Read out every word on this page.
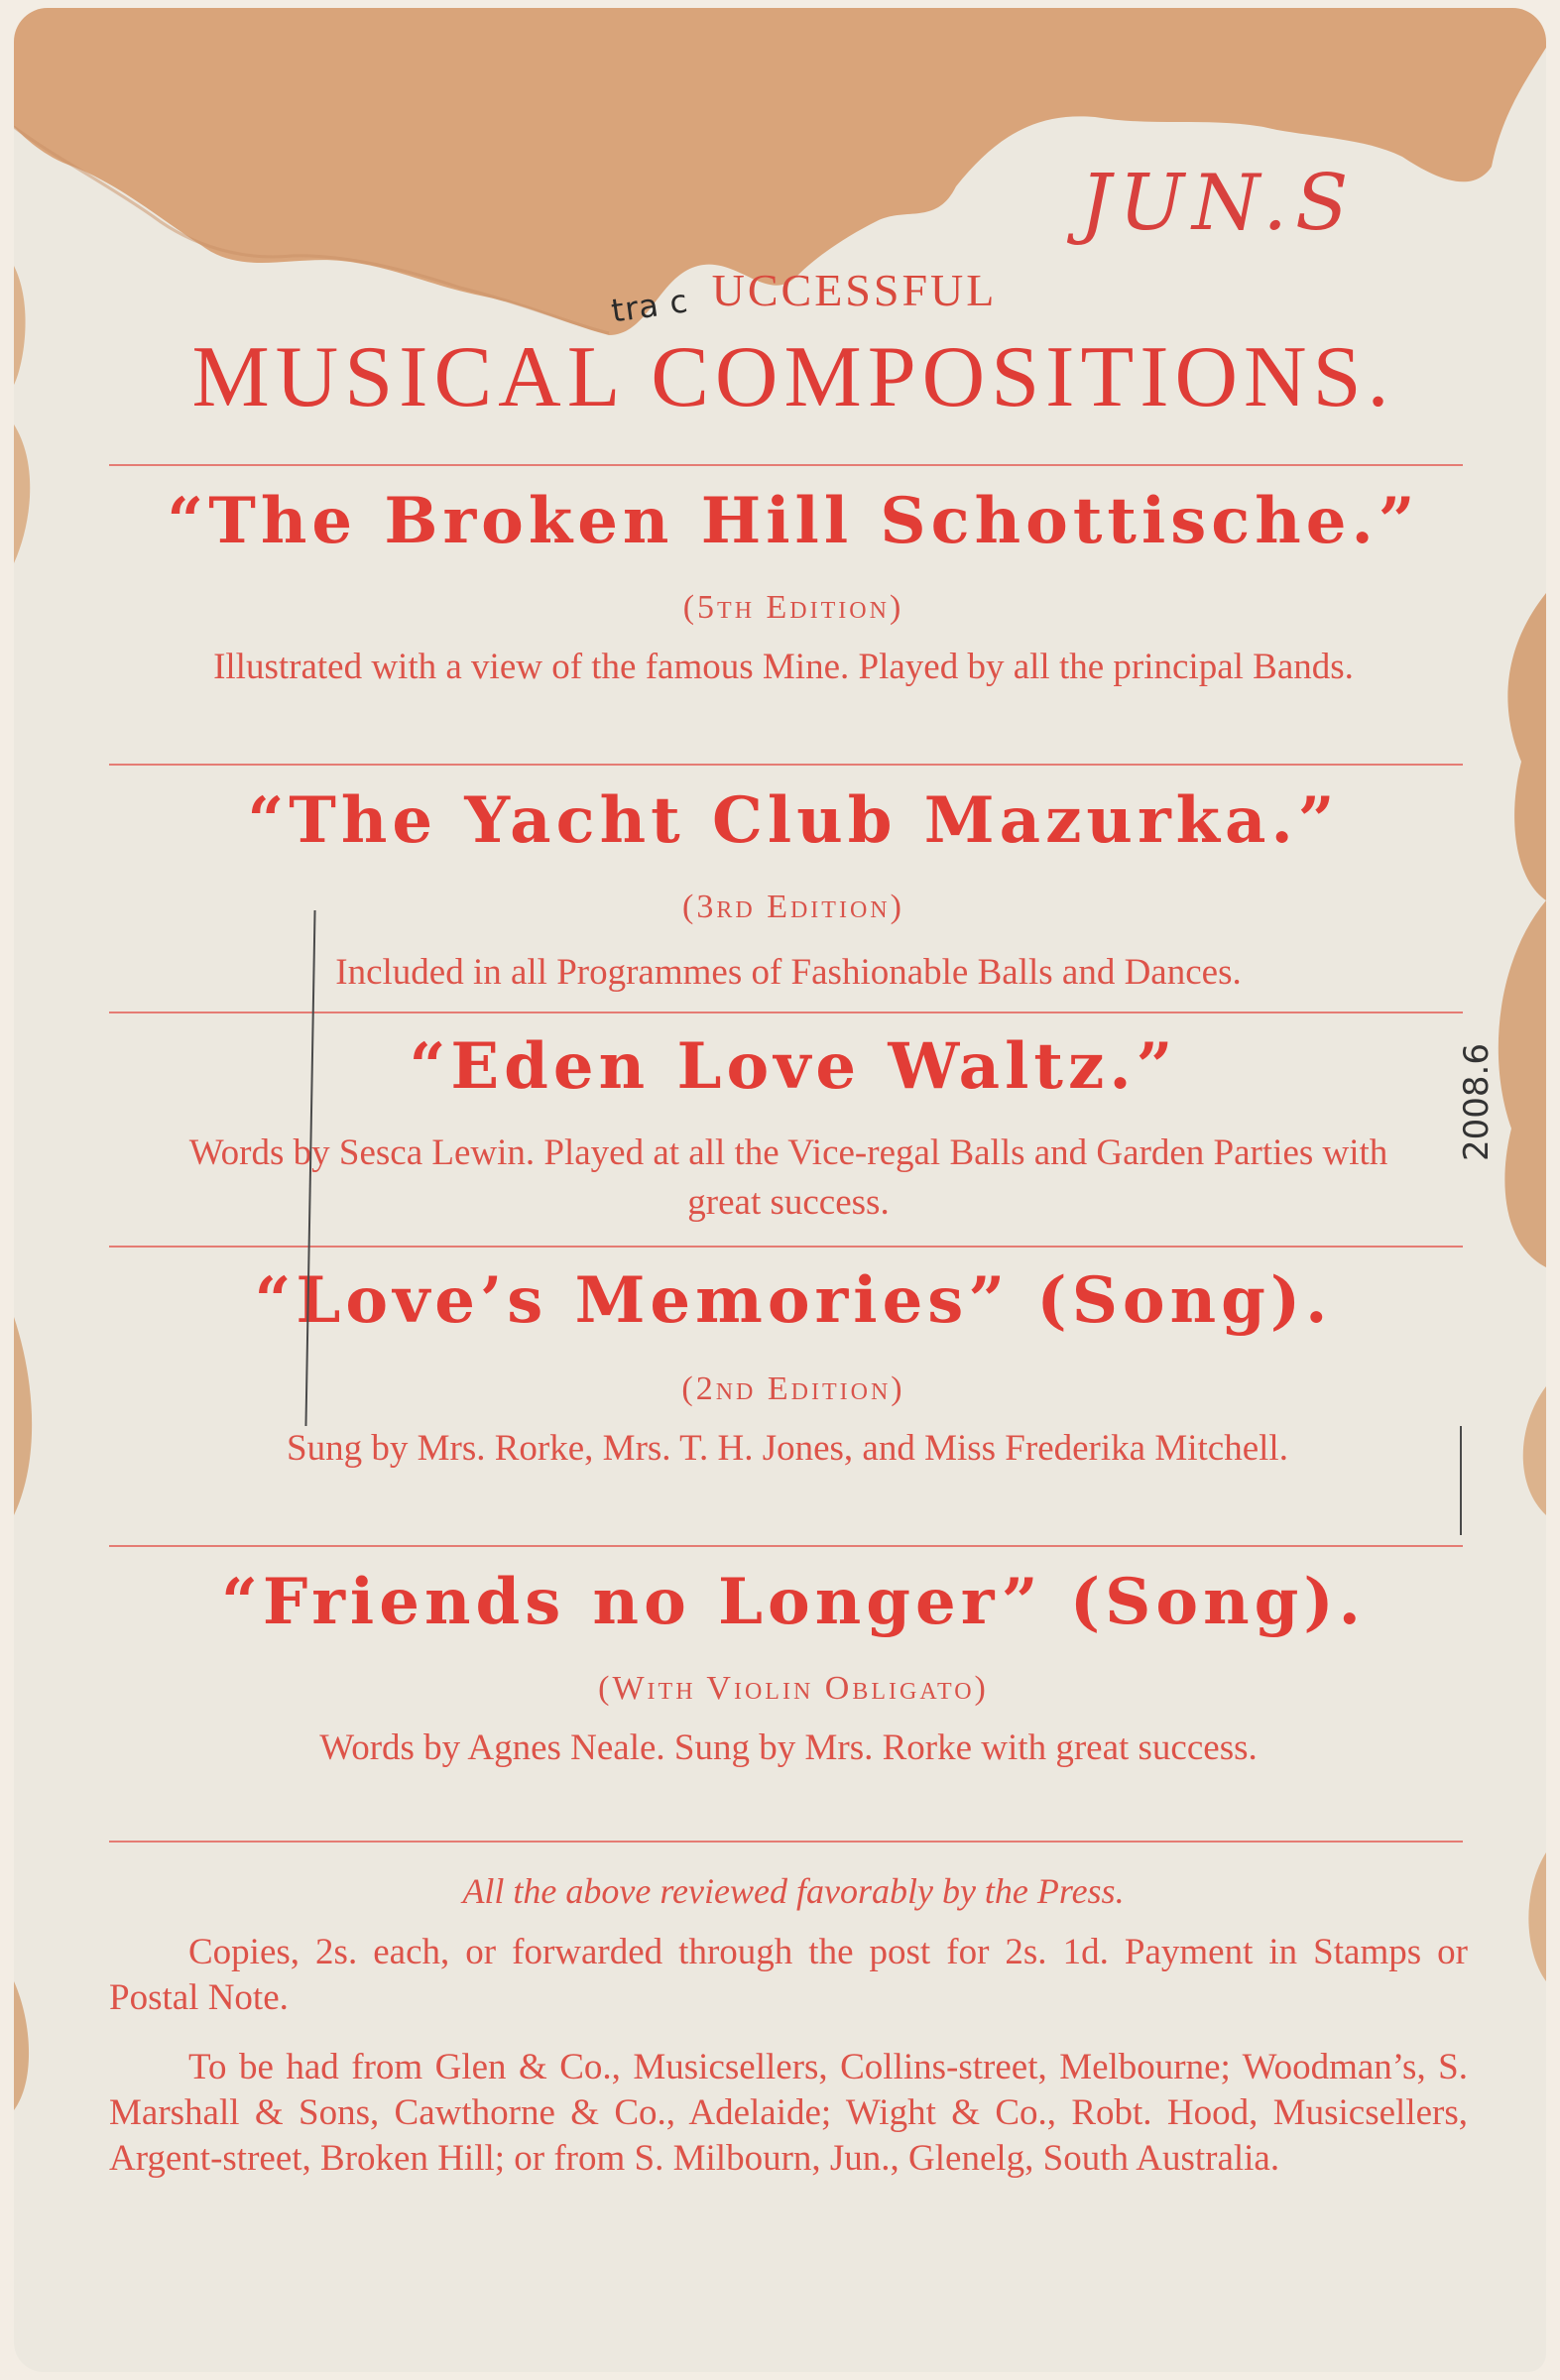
JUN.S
ɔ ɐɹʇ UCCESSFUL
MUSICAL COMPOSITIONS.
“The Broken Hill Schottische.”
(5th Edition)
Illustrated with a view of the famous Mine. Played by all the principal Bands.
“The Yacht Club Mazurka.”
(3rd Edition)
Included in all Programmes of Fashionable Balls and Dances.
“Eden Love Waltz.”
Words by Sesca Lewin. Played at all the Vice-regal Balls and Garden Parties with great success.
“Love’s Memories” (Song).
(2nd Edition)
Sung by Mrs. Rorke, Mrs. T. H. Jones, and Miss Frederika Mitchell.
“Friends no Longer” (Song).
(With Violin Obligato)
Words by Agnes Neale. Sung by Mrs. Rorke with great success.
All the above reviewed favorably by the Press.
Copies, 2s. each, or forwarded through the post for 2s. 1d. Payment in Stamps or Postal Note.
To be had from Glen & Co., Musicsellers, Collins-street, Melbourne; Woodman’s, S. Marshall & Sons, Cawthorne & Co., Adelaide; Wight & Co., Robt. Hood, Musicsellers, Argent-street, Broken Hill; or from S. Milbourn, Jun., Glenelg, South Australia.
2008.6
